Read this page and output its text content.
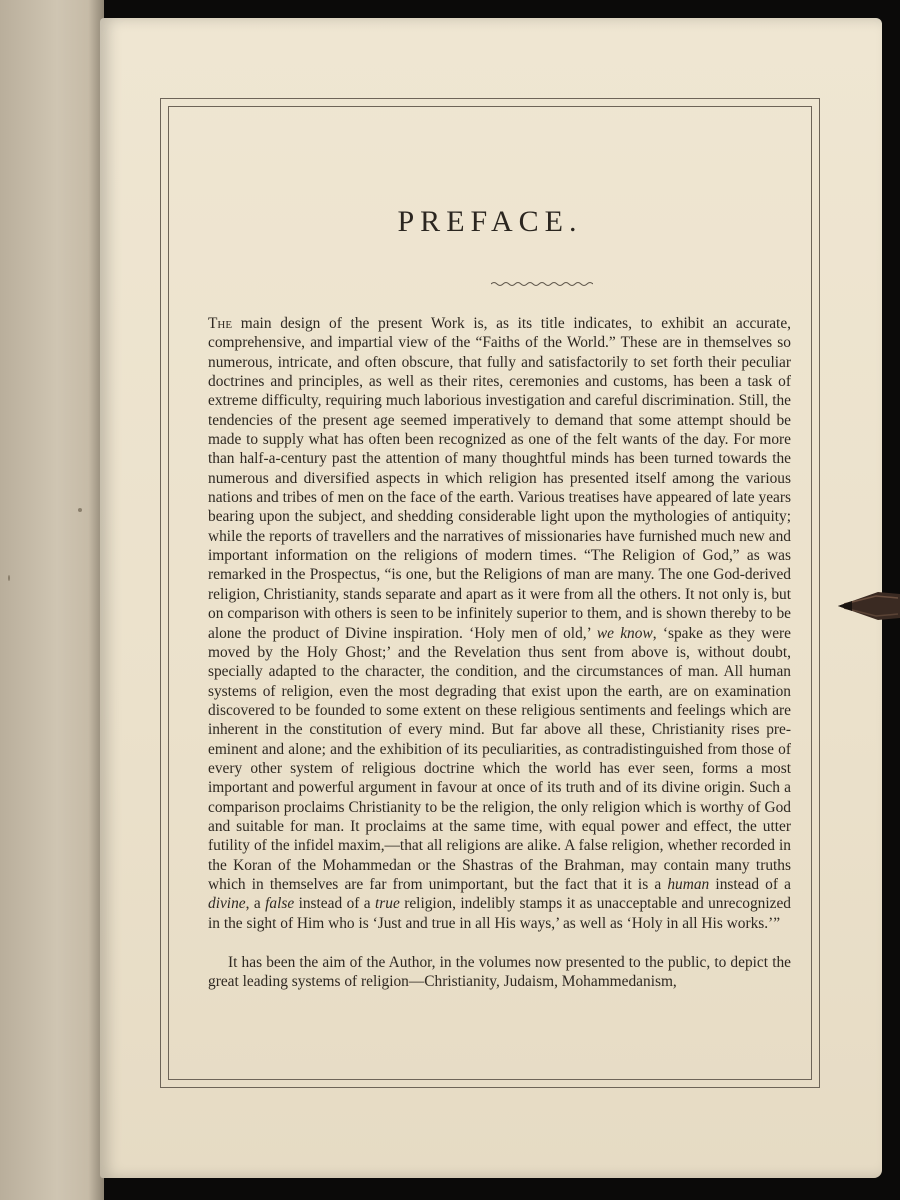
PREFACE.

The main design of the present Work is, as its title indicates, to exhibit an accurate, comprehensive, and impartial view of the “Faiths of the World.” These are in themselves so numerous, intricate, and often obscure, that fully and satisfactorily to set forth their peculiar doctrines and principles, as well as their rites, ceremonies and customs, has been a task of extreme difficulty, requiring much laborious investigation and careful discrimination. Still, the tendencies of the present age seemed imperatively to demand that some attempt should be made to supply what has often been recognized as one of the felt wants of the day. For more than half-a-century past the attention of many thoughtful minds has been turned towards the numerous and diversified aspects in which religion has presented itself among the various nations and tribes of men on the face of the earth. Various treatises have appeared of late years bearing upon the subject, and shedding considerable light upon the mythologies of antiquity; while the reports of travellers and the narratives of missionaries have furnished much new and important information on the religions of modern times. “The Religion of God,” as was remarked in the Prospectus, “is one, but the Religions of man are many. The one God-derived religion, Christianity, stands separate and apart as it were from all the others. It not only is, but on comparison with others is seen to be infinitely superior to them, and is shown thereby to be alone the product of Divine inspiration. ‘Holy men of old,’ we know, ‘spake as they were moved by the Holy Ghost;’ and the Revelation thus sent from above is, without doubt, specially adapted to the character, the condition, and the circumstances of man. All human systems of religion, even the most degrading that exist upon the earth, are on examination discovered to be founded to some extent on these religious sentiments and feelings which are inherent in the constitution of every mind. But far above all these, Christianity rises pre-eminent and alone; and the exhibition of its peculiarities, as contradistinguished from those of every other system of religious doctrine which the world has ever seen, forms a most important and powerful argument in favour at once of its truth and of its divine origin. Such a comparison proclaims Christianity to be the religion, the only religion which is worthy of God and suitable for man. It proclaims at the same time, with equal power and effect, the utter futility of the infidel maxim,—that all religions are alike. A false religion, whether recorded in the Koran of the Mohammedan or the Shastras of the Brahman, may contain many truths which in themselves are far from unimportant, but the fact that it is a human instead of a divine, a false instead of a true religion, indelibly stamps it as unacceptable and unrecognized in the sight of Him who is ‘Just and true in all His ways,’ as well as ‘Holy in all His works.’”

It has been the aim of the Author, in the volumes now presented to the public, to depict the great leading systems of religion—Christianity, Judaism, Mohammedanism,
